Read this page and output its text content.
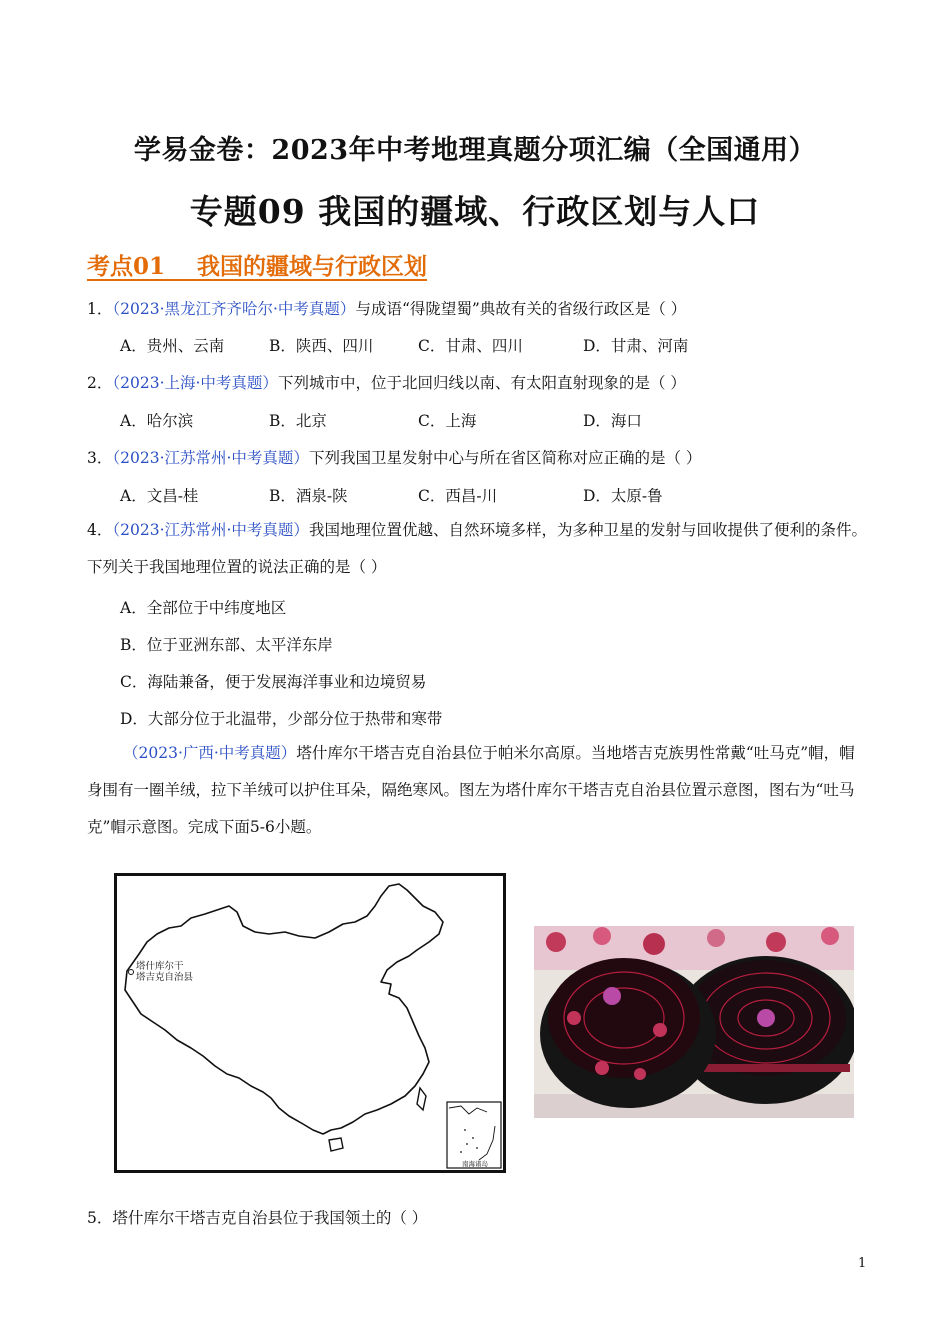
学易金卷：2023年中考地理真题分项汇编（全国通用）
专题09 我国的疆域、行政区划与人口
考点01    我国的疆域与行政区划
1．（2023·黑龙江齐齐哈尔·中考真题）与成语“得陇望蜀”典故有关的省级行政区是（ ）
A．贵州、云南	B．陕西、四川	C．甘肃、四川	D．甘肃、河南
2．（2023·上海·中考真题）下列城市中，位于北回归线以南、有太阳直射现象的是（ ）
A．哈尔滨	B．北京	C．上海	D．海口
3．（2023·江苏常州·中考真题）下列我国卫星发射中心与所在省区简称对应正确的是（ ）
A．文昌-桂	B．酒泉-陕	C．西昌-川	D．太原-鲁
4．（2023·江苏常州·中考真题）我国地理位置优越、自然环境多样，为多种卫星的发射与回收提供了便利的条件。下列关于我国地理位置的说法正确的是（ ）
A．全部位于中纬度地区
B．位于亚洲东部、太平洋东岸
C．海陆兼备，便于发展海洋事业和边境贸易
D．大部分位于北温带，少部分位于热带和寒带
（2023·广西·中考真题）塔什库尔干塔吉克自治县位于帕米尔高原。当地塔吉克族男性常戴“吐马克”帽，帽身围有一圈羊绒，拉下羊绒可以护住耳朵，隔绝寒风。图左为塔什库尔干塔吉克自治县位置示意图，图右为“吐马克”帽示意图。完成下面5-6小题。
塔什库尔干
塔吉克自治县
南海诸岛
5．塔什库尔干塔吉克自治县位于我国领土的（ ）
1
